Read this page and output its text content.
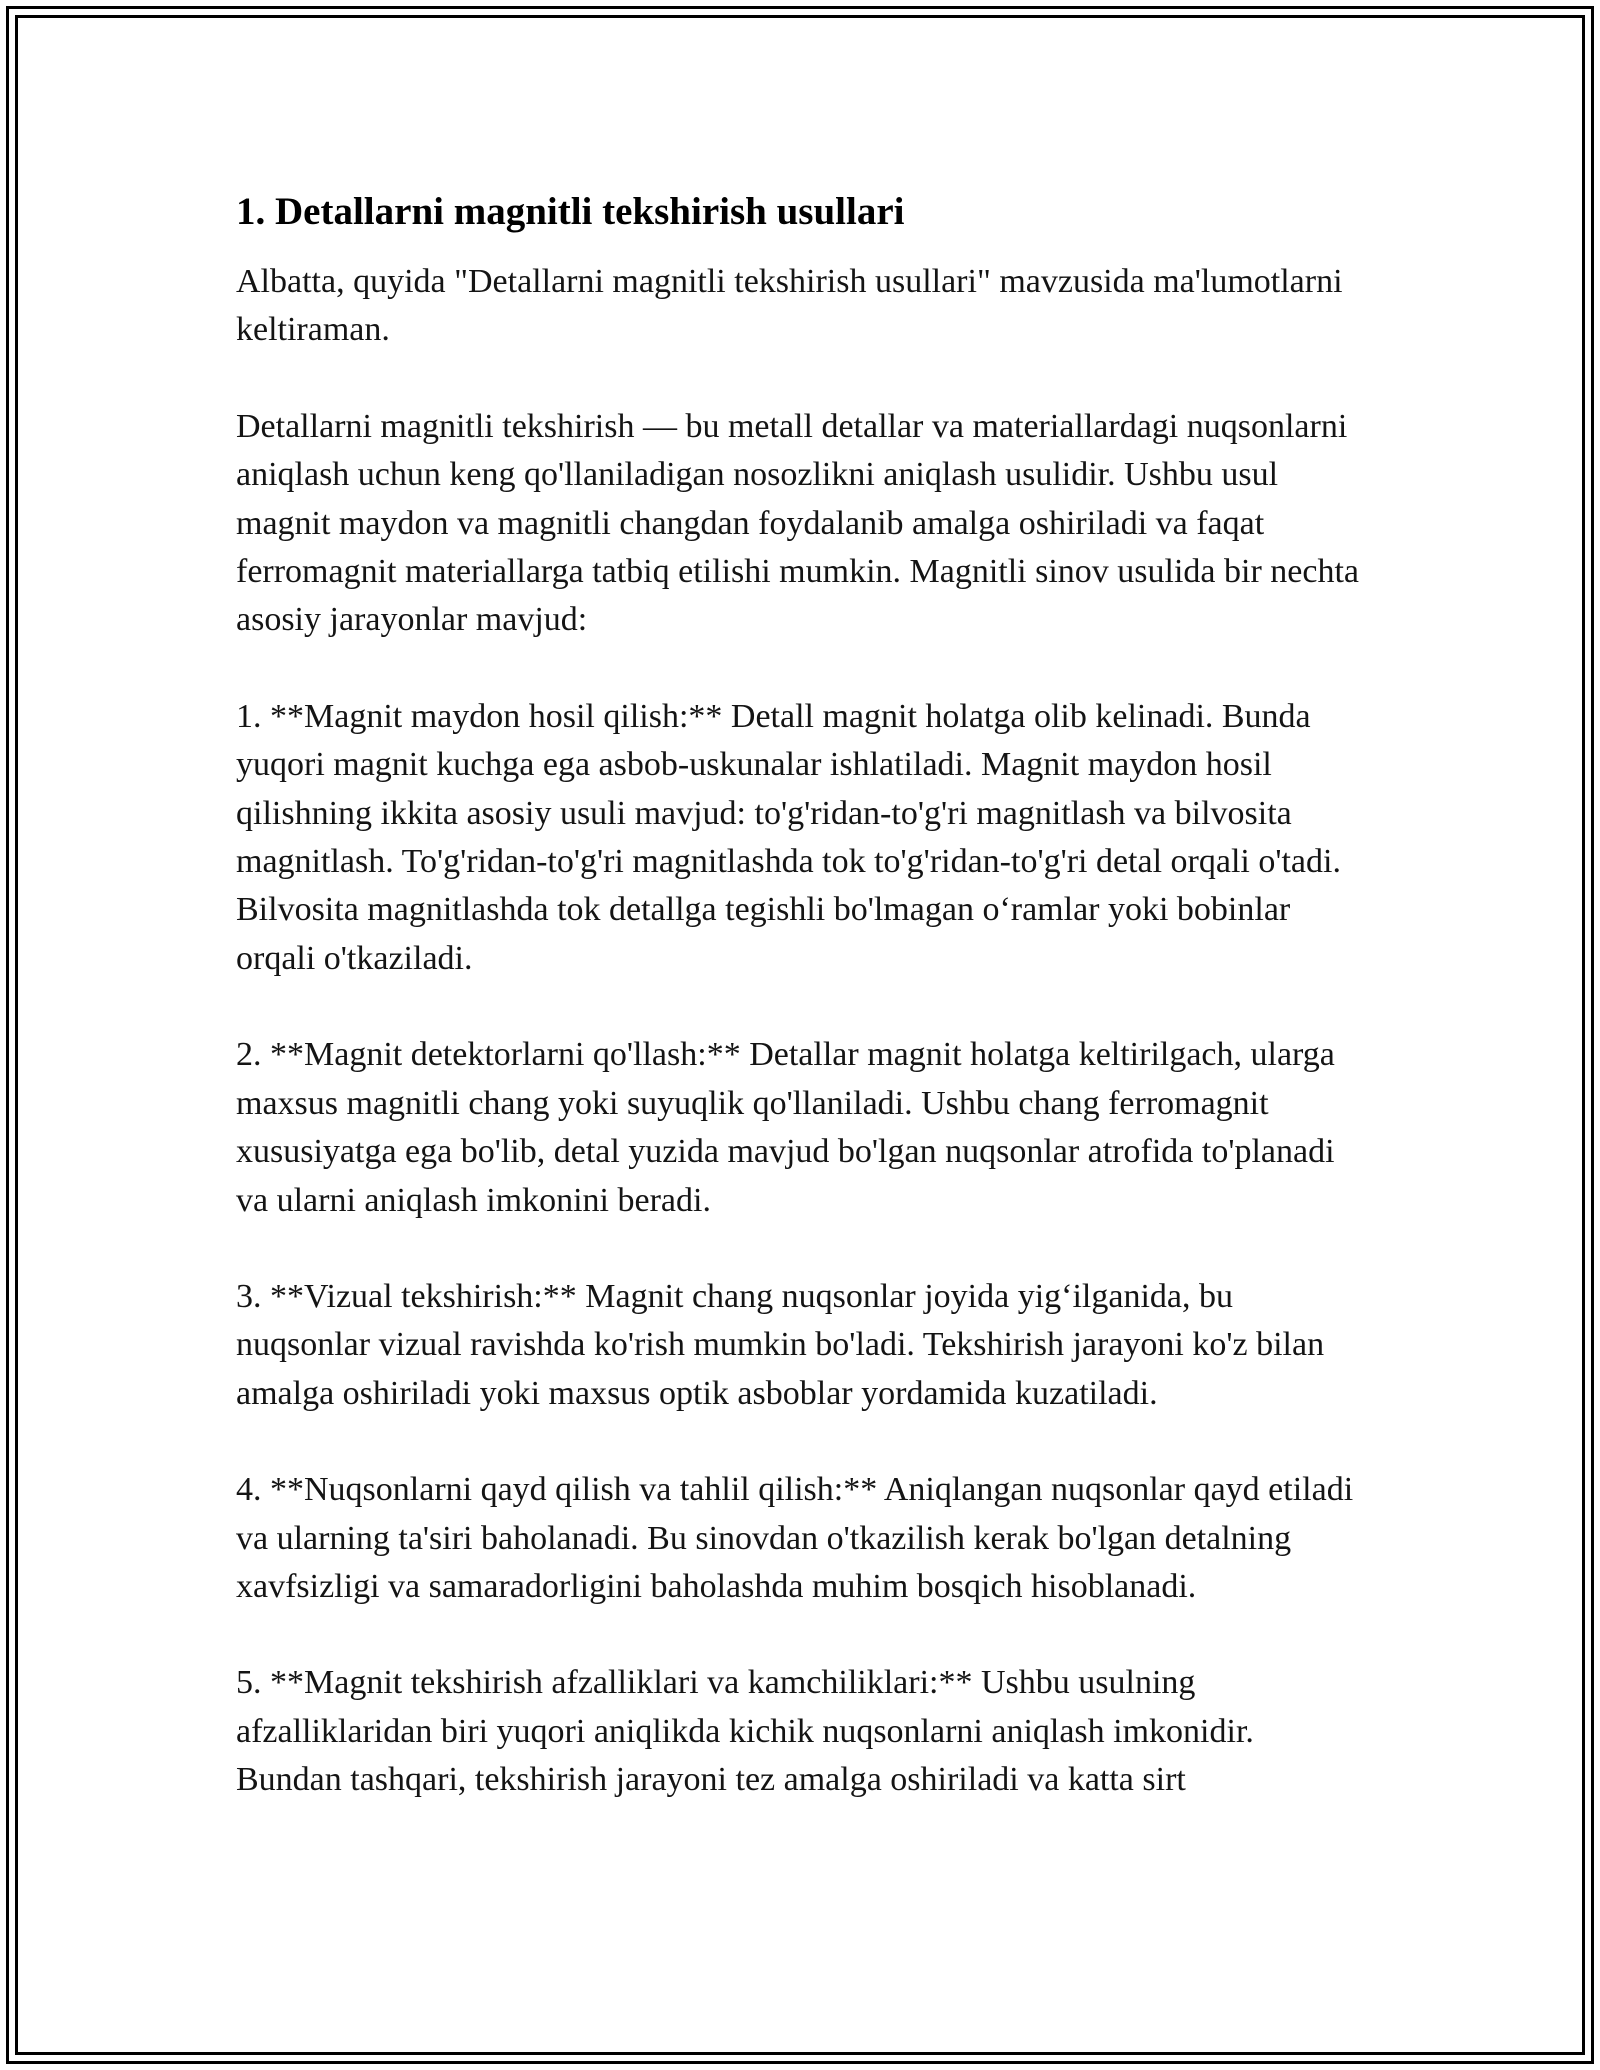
1. Detallarni magnitli tekshirish usullari

Albatta, quyida "Detallarni magnitli tekshirish usullari" mavzusida ma'lumotlarni keltiraman.

Detallarni magnitli tekshirish — bu metall detallar va materiallardagi nuqsonlarni aniqlash uchun keng qo'llaniladigan nosozlikni aniqlash usulidir. Ushbu usul magnit maydon va magnitli changdan foydalanib amalga oshiriladi va faqat ferromagnit materiallarga tatbiq etilishi mumkin. Magnitli sinov usulida bir nechta asosiy jarayonlar mavjud:

1. **Magnit maydon hosil qilish:** Detall magnit holatga olib kelinadi. Bunda yuqori magnit kuchga ega asbob-uskunalar ishlatiladi. Magnit maydon hosil qilishning ikkita asosiy usuli mavjud: to'g'ridan-to'g'ri magnitlash va bilvosita magnitlash. To'g'ridan-to'g'ri magnitlashda tok to'g'ridan-to'g'ri detal orqali o'tadi. Bilvosita magnitlashda tok detallga tegishli bo'lmagan o‘ramlar yoki bobinlar orqali o'tkaziladi.

2. **Magnit detektorlarni qo'llash:** Detallar magnit holatga keltirilgach, ularga maxsus magnitli chang yoki suyuqlik qo'llaniladi. Ushbu chang ferromagnit xususiyatga ega bo'lib, detal yuzida mavjud bo'lgan nuqsonlar atrofida to'planadi va ularni aniqlash imkonini beradi.

3. **Vizual tekshirish:** Magnit chang nuqsonlar joyida yig‘ilganida, bu nuqsonlar vizual ravishda ko'rish mumkin bo'ladi. Tekshirish jarayoni ko'z bilan amalga oshiriladi yoki maxsus optik asboblar yordamida kuzatiladi.

4. **Nuqsonlarni qayd qilish va tahlil qilish:** Aniqlangan nuqsonlar qayd etiladi va ularning ta'siri baholanadi. Bu sinovdan o'tkazilish kerak bo'lgan detalning xavfsizligi va samaradorligini baholashda muhim bosqich hisoblanadi.

5. **Magnit tekshirish afzalliklari va kamchiliklari:** Ushbu usulning afzalliklaridan biri yuqori aniqlikda kichik nuqsonlarni aniqlash imkonidir. Bundan tashqari, tekshirish jarayoni tez amalga oshiriladi va katta sirt
